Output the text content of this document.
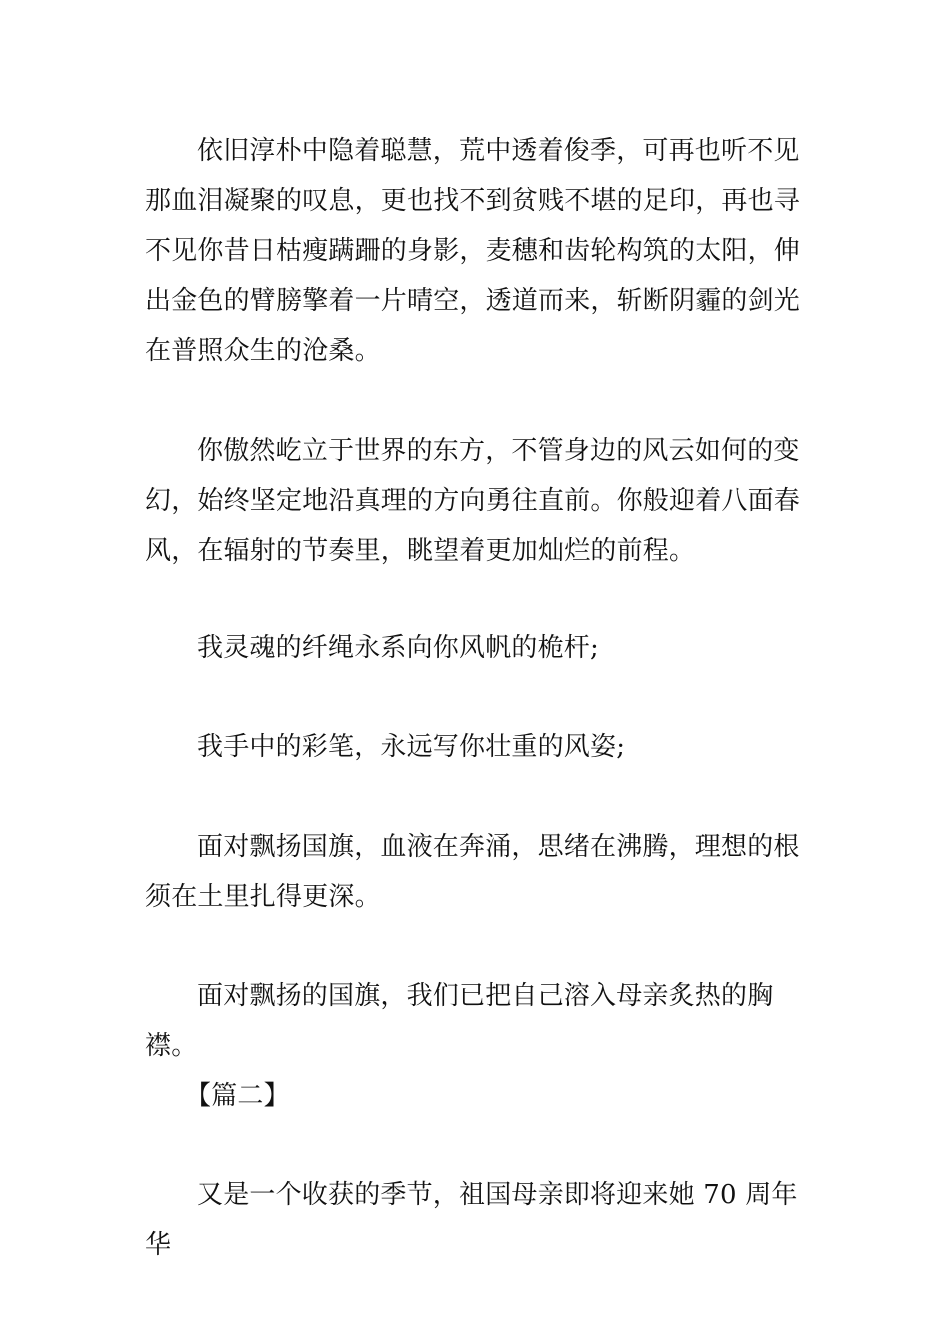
依旧淳朴中隐着聪慧，荒中透着俊季，可再也听不见那血泪凝聚的叹息，更也找不到贫贱不堪的足印，再也寻不见你昔日枯瘦蹒跚的身影，麦穗和齿轮构筑的太阳，伸出金色的臂膀擎着一片晴空，透道而来，斩断阴霾的剑光在普照众生的沧桑。

你傲然屹立于世界的东方，不管身边的风云如何的变幻，始终坚定地沿真理的方向勇往直前。你般迎着八面春风，在辐射的节奏里，眺望着更加灿烂的前程。

我灵魂的纤绳永系向你风帆的桅杆;

我手中的彩笔，永远写你壮重的风姿;

面对飘扬国旗，血液在奔涌，思绪在沸腾，理想的根须在土里扎得更深。

面对飘扬的国旗，我们已把自己溶入母亲炙热的胸襟。

【篇二】

又是一个收获的季节，祖国母亲即将迎来她 70 周年华
